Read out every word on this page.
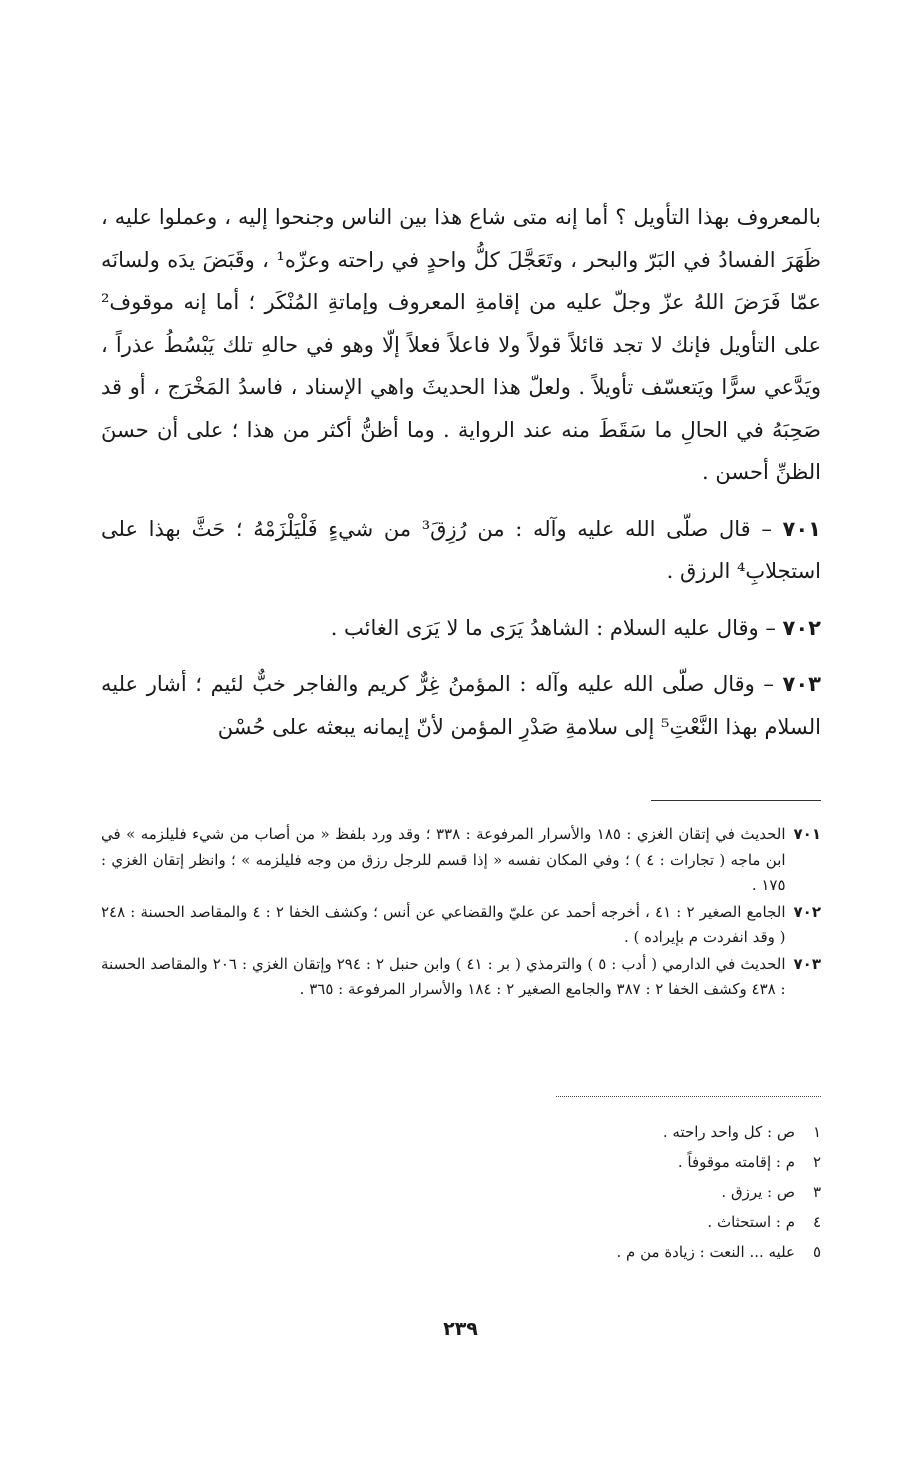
بالمعروف بهذا التأويل ؟ أما إنه متى شاع هذا بين الناس وجنحوا إليه ، وعملوا عليه ، ظَهَرَ الفسادُ في البَرّ والبحر ، وتَعَجَّلَ كلُّ واحدٍ في راحته وعزّه¹ ، وقَبَضَ يدَه ولسانَه عمّا فَرَضَ اللهُ عزّ وجلّ عليه من إقامةِ المعروف وإماتةِ المُنْكَر ؛ أما إنه موقوف² على التأويل فإنك لا تجد قائلاً قولاً ولا فاعلاً فعلاً إلّا وهو في حالهِ تلك يَبْسُطُ عذراً ، ويَدَّعي سرًّا ويَتعسّف تأويلاً . ولعلّ هذا الحديثَ واهي الإسناد ، فاسدُ المَخْرَج ، أو قد صَحِبَهُ في الحالِ ما سَقَطَ منه عند الرواية . وما أظنُّ أكثر من هذا ؛ على أن حسنَ الظنِّ أحسن .

٧٠١ – قال صلّى الله عليه وآله : من رُزِقَ³ من شيءٍ فَلْيَلْزَمْهُ ؛ حَثَّ بهذا على استجلابِ⁴ الرزق .

٧٠٢ – وقال عليه السلام : الشاهدُ يَرَى ما لا يَرَى الغائب .

٧٠٣ – وقال صلّى الله عليه وآله : المؤمنُ غِرٌّ كريم والفاجر خبٌّ لئيم ؛ أشار عليه السلام بهذا النَّعْتِ⁵ إلى سلامةِ صَدْرِ المؤمن لأنّ إيمانه يبعثه على حُسْن

٧٠١
الحديث في إتقان الغزي : ١٨٥ والأسرار المرفوعة : ٣٣٨ ؛ وقد ورد بلفظ « من أصاب من شيء فليلزمه » في ابن ماجه ( تجارات : ٤ ) ؛ وفي المكان نفسه « إذا قسم للرجل رزق من وجه فليلزمه » ؛ وانظر إتقان الغزي : ١٧٥ .
٧٠٢
الجامع الصغير ٢ : ٤١ ، أخرجه أحمد عن عليّ والقضاعي عن أنس ؛ وكشف الخفا ٢ : ٤ والمقاصد الحسنة : ٢٤٨ ( وقد انفردت م بإيراده ) .
٧٠٣
الحديث في الدارمي ( أدب : ٥ ) والترمذي ( بر : ٤١ ) وابن حنبل ٢ : ٢٩٤ وإتقان الغزي : ٢٠٦ والمقاصد الحسنة : ٤٣٨ وكشف الخفا ٢ : ٣٨٧ والجامع الصغير ٢ : ١٨٤ والأسرار المرفوعة : ٣٦٥ .
١
ص : كل واحد راحته .
٢
م : إقامته موقوفاً .
٣
ص : يرزق .
٤
م : استحثاث .
٥
عليه ... النعت : زيادة من م .
٢٣٩
